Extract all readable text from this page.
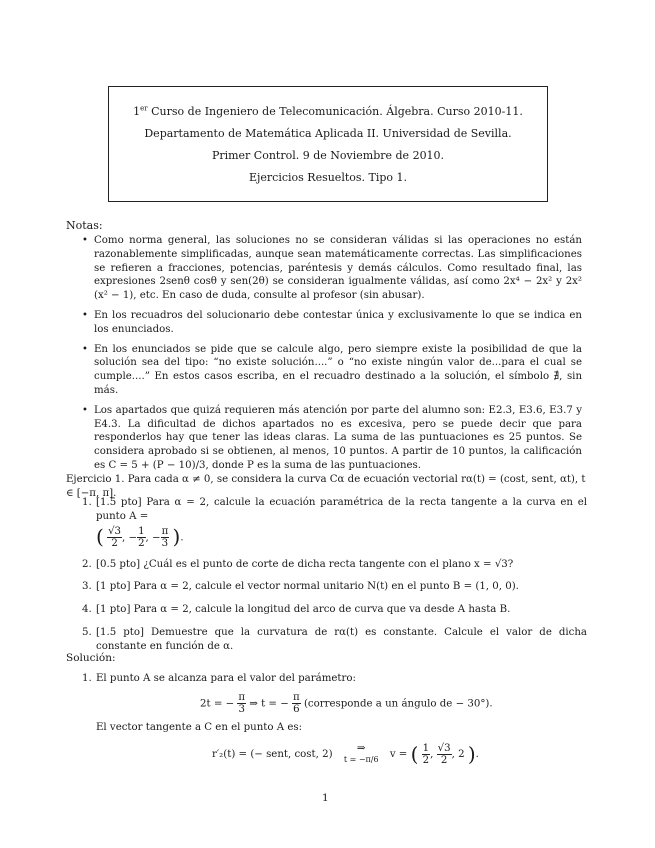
1er Curso de Ingeniero de Telecomunicación. Álgebra. Curso 2010-11.
Departamento de Matemática Aplicada II. Universidad de Sevilla.
Primer Control. 9 de Noviembre de 2010.
Ejercicios Resueltos. Tipo 1.
Notas:
• Como norma general, las soluciones no se consideran válidas si las operaciones no están razonablemente simplificadas, aunque sean matemáticamente correctas. Las simplificaciones se refieren a fracciones, potencias, paréntesis y demás cálculos. Como resultado final, las expresiones 2senθ cosθ y sen(2θ) se consideran igualmente válidas, así como 2x⁴ − 2x² y 2x² (x² − 1), etc. En caso de duda, consulte al profesor (sin abusar).
• En los recuadros del solucionario debe contestar única y exclusivamente lo que se indica en los enunciados.
• En los enunciados se pide que se calcule algo, pero siempre existe la posibilidad de que la solución sea del tipo: “no existe solución....” o “no existe ningún valor de...para el cual se cumple....” En estos casos escriba, en el recuadro destinado a la solución, el símbolo ∄, sin más.
• Los apartados que quizá requieren más atención por parte del alumno son: E2.3, E3.6, E3.7 y E4.3. La dificultad de dichos apartados no es excesiva, pero se puede decir que para responderlos hay que tener las ideas claras. La suma de las puntuaciones es 25 puntos. Se considera aprobado si se obtienen, al menos, 10 puntos. A partir de 10 puntos, la calificación es C = 5 + (P − 10)/3, donde P es la suma de las puntuaciones.
Ejercicio 1. Para cada α ≠ 0, se considera la curva Cα de ecuación vectorial rα(t) = (cost, sent, αt), t ∈ [−π, π].
1. [1.5 pto] Para α = 2, calcule la ecuación paramétrica de la recta tangente a la curva en el punto A =
( $\frac{√3}{2}$ , − $\frac{1}{2}$ , − $\frac{\pi}{3}$ ).
2. [0.5 pto] ¿Cuál es el punto de corte de dicha recta tangente con el plano x = √3?
3. [1 pto] Para α = 2, calcule el vector normal unitario N(t) en el punto B = (1, 0, 0).
4. [1 pto] Para α = 2, calcule la longitud del arco de curva que va desde A hasta B.
5. [1.5 pto] Demuestre que la curvatura de rα(t) es constante. Calcule el valor de dicha constante en función de α.
Solución:
1. El punto A se alcanza para el valor del parámetro:
2t = − $\frac{\pi}{3}$ ⇒ t = − $\frac{\pi}{6}$ (corresponde a un ángulo de − 30°).
El vector tangente a C en el punto A es:
r′₂(t) = (− sent, cost, 2)
⇒
t = −π/6 v = ( $\frac{1}{2}$ , $\frac{√3}{2}$ , 2 ).
1
